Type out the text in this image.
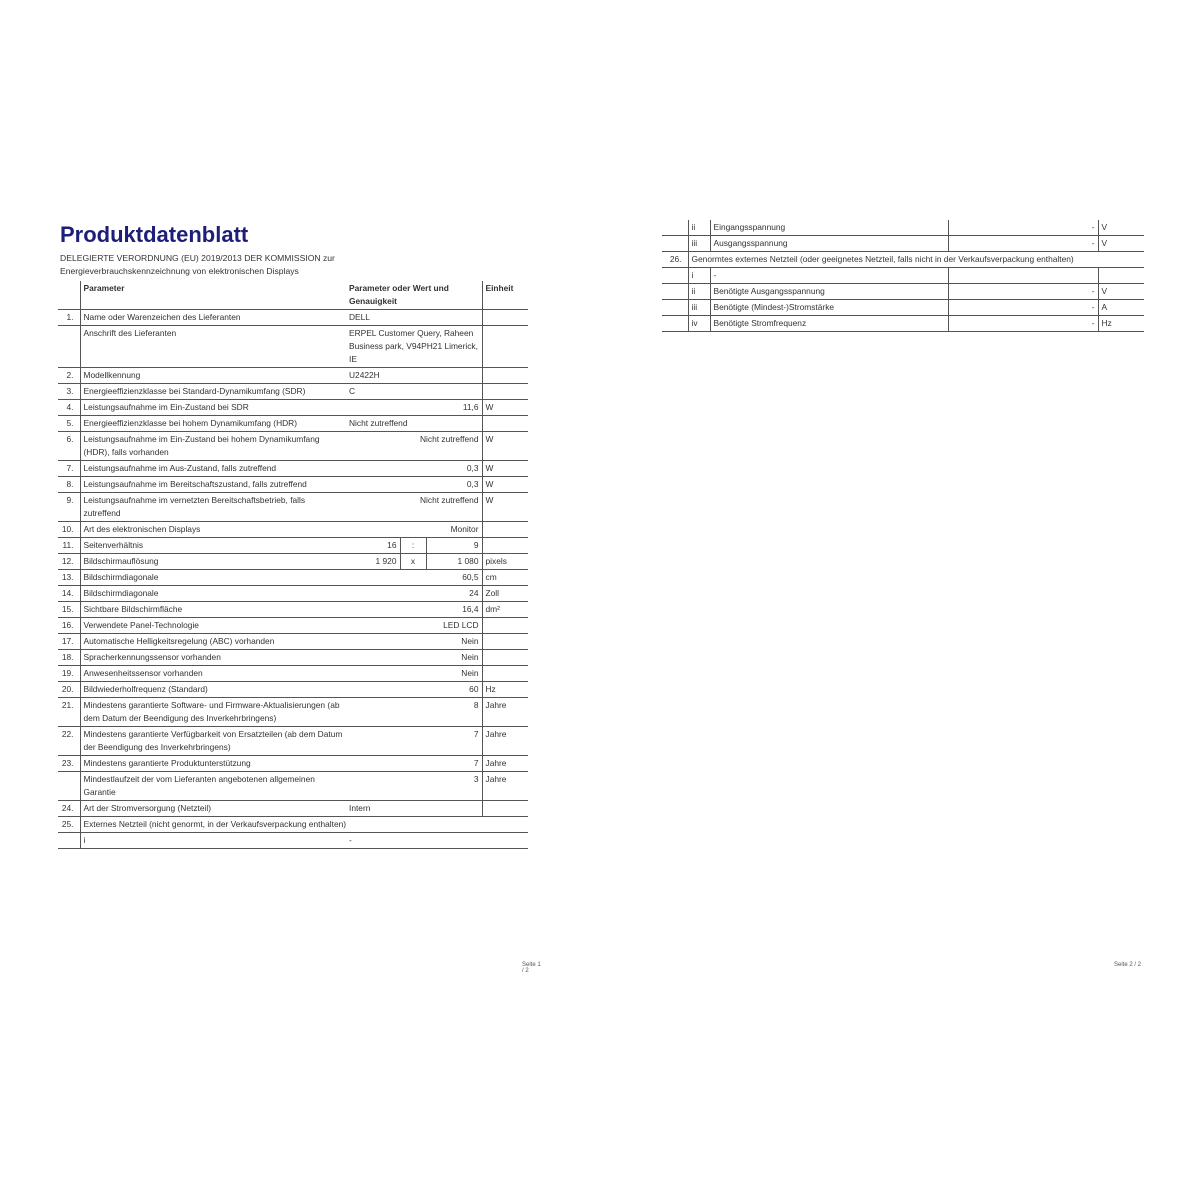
Produktdatenblatt
DELEGIERTE VERORDNUNG (EU) 2019/2013 DER KOMMISSION zur Energieverbrauchskennzeichnung von elektronischen Displays
	Parameter	Parameter oder Wert und Genauigkeit			Einheit
1.	Name oder Warenzeichen des Lieferanten	DELL			
	Anschrift des Lieferanten	ERPEL Customer Query, Raheen Business park, V94PH21 Limerick, IE			
2.	Modellkennung	U2422H			
3.	Energieeffizienzklasse bei Standard-Dynamikumfang (SDR)	C			
4.	Leistungsaufnahme im Ein-Zustand bei SDR	11,6			W
5.	Energieeffizienzklasse bei hohem Dynamikumfang (HDR)	Nicht zutreffend			
6.	Leistungsaufnahme im Ein-Zustand bei hohem Dynamikumfang (HDR), falls vorhanden	Nicht zutreffend			W
7.	Leistungsaufnahme im Aus-Zustand, falls zutreffend	0,3			W
8.	Leistungsaufnahme im Bereitschaftszustand, falls zutreffend	0,3			W
9.	Leistungsaufnahme im vernetzten Bereitschaftsbetrieb, falls zutreffend	Nicht zutreffend			W
10.	Art des elektronischen Displays	Monitor			
11.	Seitenverhältnis	16	:	9	
12.	Bildschirmauflösung	1 920	x	1 080	pixels
13.	Bildschirmdiagonale	60,5			cm
14.	Bildschirmdiagonale	24			Zoll
15.	Sichtbare Bildschirmfläche	16,4			dm²
16.	Verwendete Panel-Technologie	LED LCD			
17.	Automatische Helligkeitsregelung (ABC) vorhanden	Nein			
18.	Spracherkennungssensor vorhanden	Nein			
19.	Anwesenheitssensor vorhanden	Nein			
20.	Bildwiederholfrequenz (Standard)	60			Hz
21.	Mindestens garantierte Software- und Firmware-Aktualisierungen (ab dem Datum der Beendigung des Inverkehrbringens)	8			Jahre
22.	Mindestens garantierte Verfügbarkeit von Ersatzteilen (ab dem Datum der Beendigung des Inverkehrbringens)	7			Jahre
23.	Mindestens garantierte Produktunterstützung	7			Jahre
	Mindestlaufzeit der vom Lieferanten angebotenen allgemeinen Garantie	3			Jahre
24.	Art der Stromversorgung (Netzteil)	Intern			
25.	Externes Netzteil (nicht genormt, in der Verkaufsverpackung enthalten)				
	i	-			
Seite 1 / 2
	ii	Eingangsspannung	-	V
	iii	Ausgangsspannung	-	V
26.	Genormtes externes Netzteil (oder geeignetes Netzteil, falls nicht in der Verkaufsverpackung enthalten)			
	i	-		
	ii	Benötigte Ausgangsspannung	-	V
	iii	Benötigte (Mindest-)Stromstärke	-	A
	iv	Benötigte Stromfrequenz	-	Hz
Seite 2 / 2
